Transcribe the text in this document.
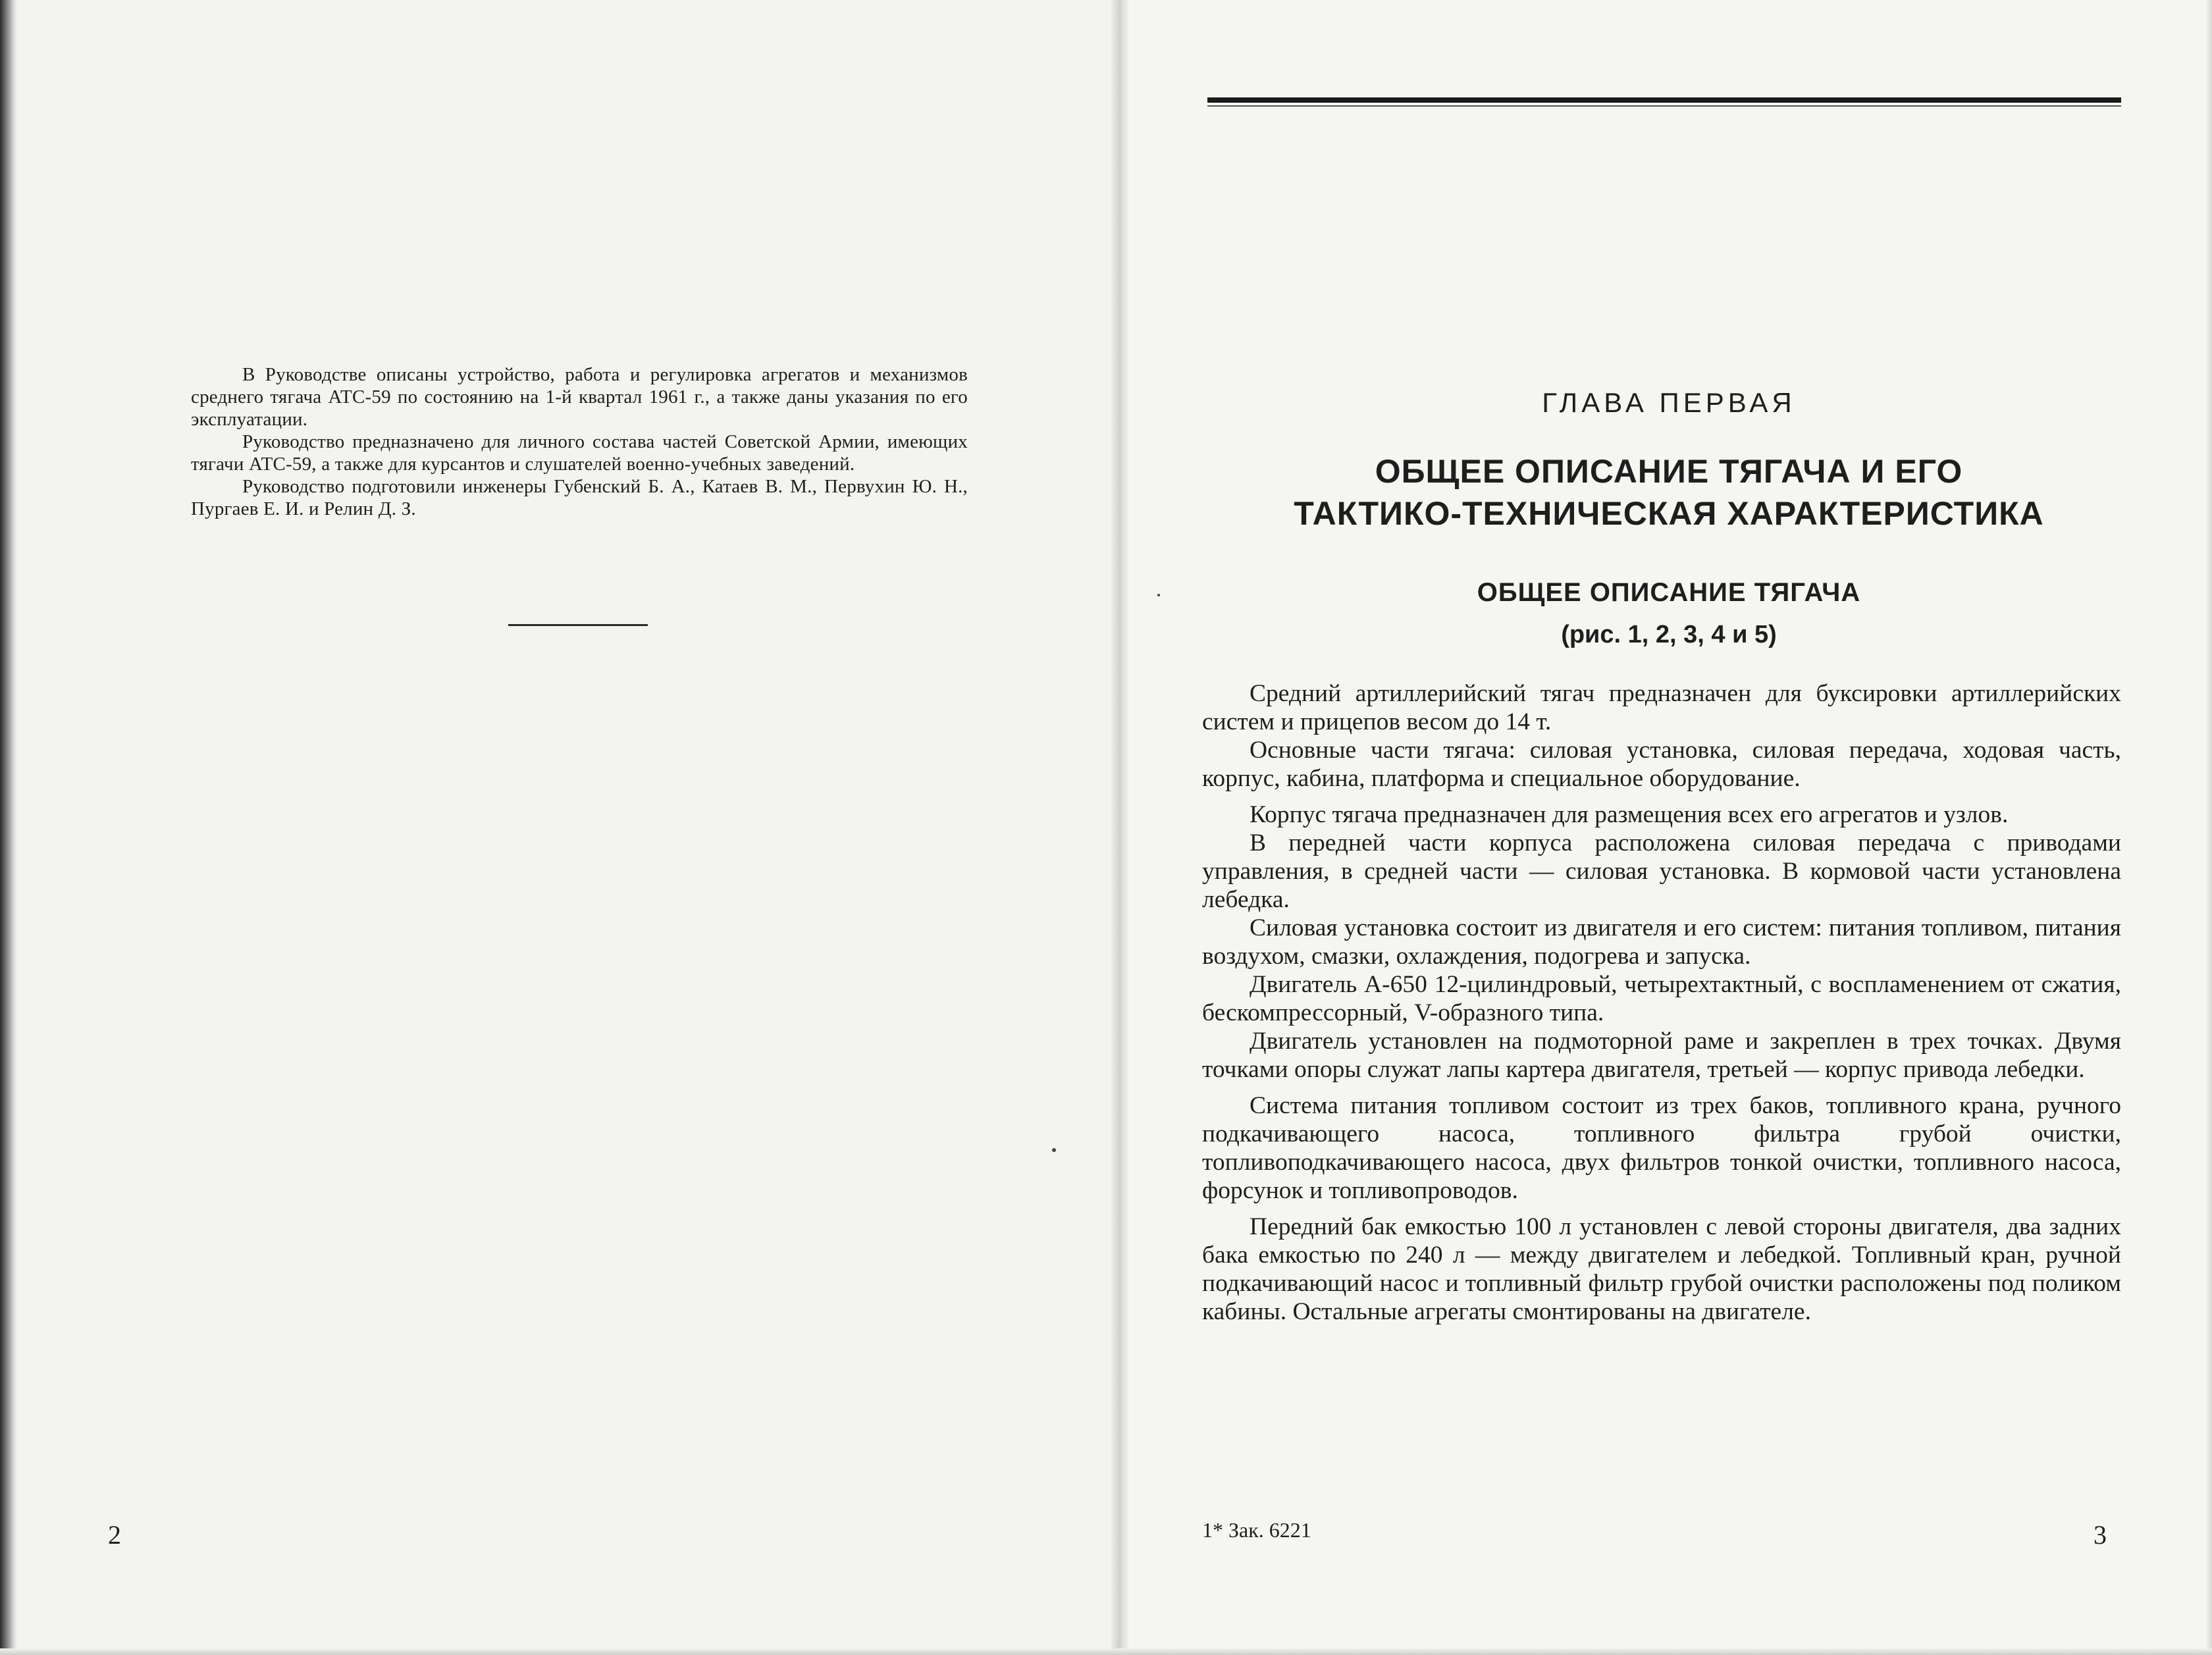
В Руководстве описаны устройство, работа и регулировка агрегатов и механизмов среднего тягача АТС-59 по состоянию на 1-й квартал 1961 г., а также даны указания по его эксплуатации.

Руководство предназначено для личного состава частей Советской Армии, имеющих тягачи АТС-59, а также для курсантов и слушателей военно-учебных заведений.

Руководство подготовили инженеры Губенский Б. А., Катаев В. М., Первухин Ю. Н., Пургаев Е. И. и Релин Д. З.

2
ГЛАВА ПЕРВАЯ
ОБЩЕЕ ОПИСАНИЕ ТЯГАЧА И ЕГО
ТАКТИКО-ТЕХНИЧЕСКАЯ ХАРАКТЕРИСТИКА
ОБЩЕЕ ОПИСАНИЕ ТЯГАЧА
(рис. 1, 2, 3, 4 и 5)

Средний артиллерийский тягач предназначен для буксировки артиллерийских систем и прицепов весом до 14 т.

Основные части тягача: силовая установка, силовая передача, ходовая часть, корпус, кабина, платформа и специальное оборудование.

Корпус тягача предназначен для размещения всех его агрегатов и узлов.

В передней части корпуса расположена силовая передача с приводами управления, в средней части — силовая установка. В кормовой части установлена лебедка.

Силовая установка состоит из двигателя и его систем: питания топливом, питания воздухом, смазки, охлаждения, подогрева и запуска.

Двигатель А-650 12-цилиндровый, четырехтактный, с воспламенением от сжатия, бескомпрессорный, V-образного типа.

Двигатель установлен на подмоторной раме и закреплен в трех точках. Двумя точками опоры служат лапы картера двигателя, третьей — корпус привода лебедки.

Система питания топливом состоит из трех баков, топливного крана, ручного подкачивающего насоса, топливного фильтра грубой очистки, топливоподкачивающего насоса, двух фильтров тонкой очистки, топливного насоса, форсунок и топливопроводов.

Передний бак емкостью 100 л установлен с левой стороны двигателя, два задних бака емкостью по 240 л — между двигателем и лебедкой. Топливный кран, ручной подкачивающий насос и топливный фильтр грубой очистки расположены под поликом кабины. Остальные агрегаты смонтированы на двигателе.

1* Зак. 6221	3
